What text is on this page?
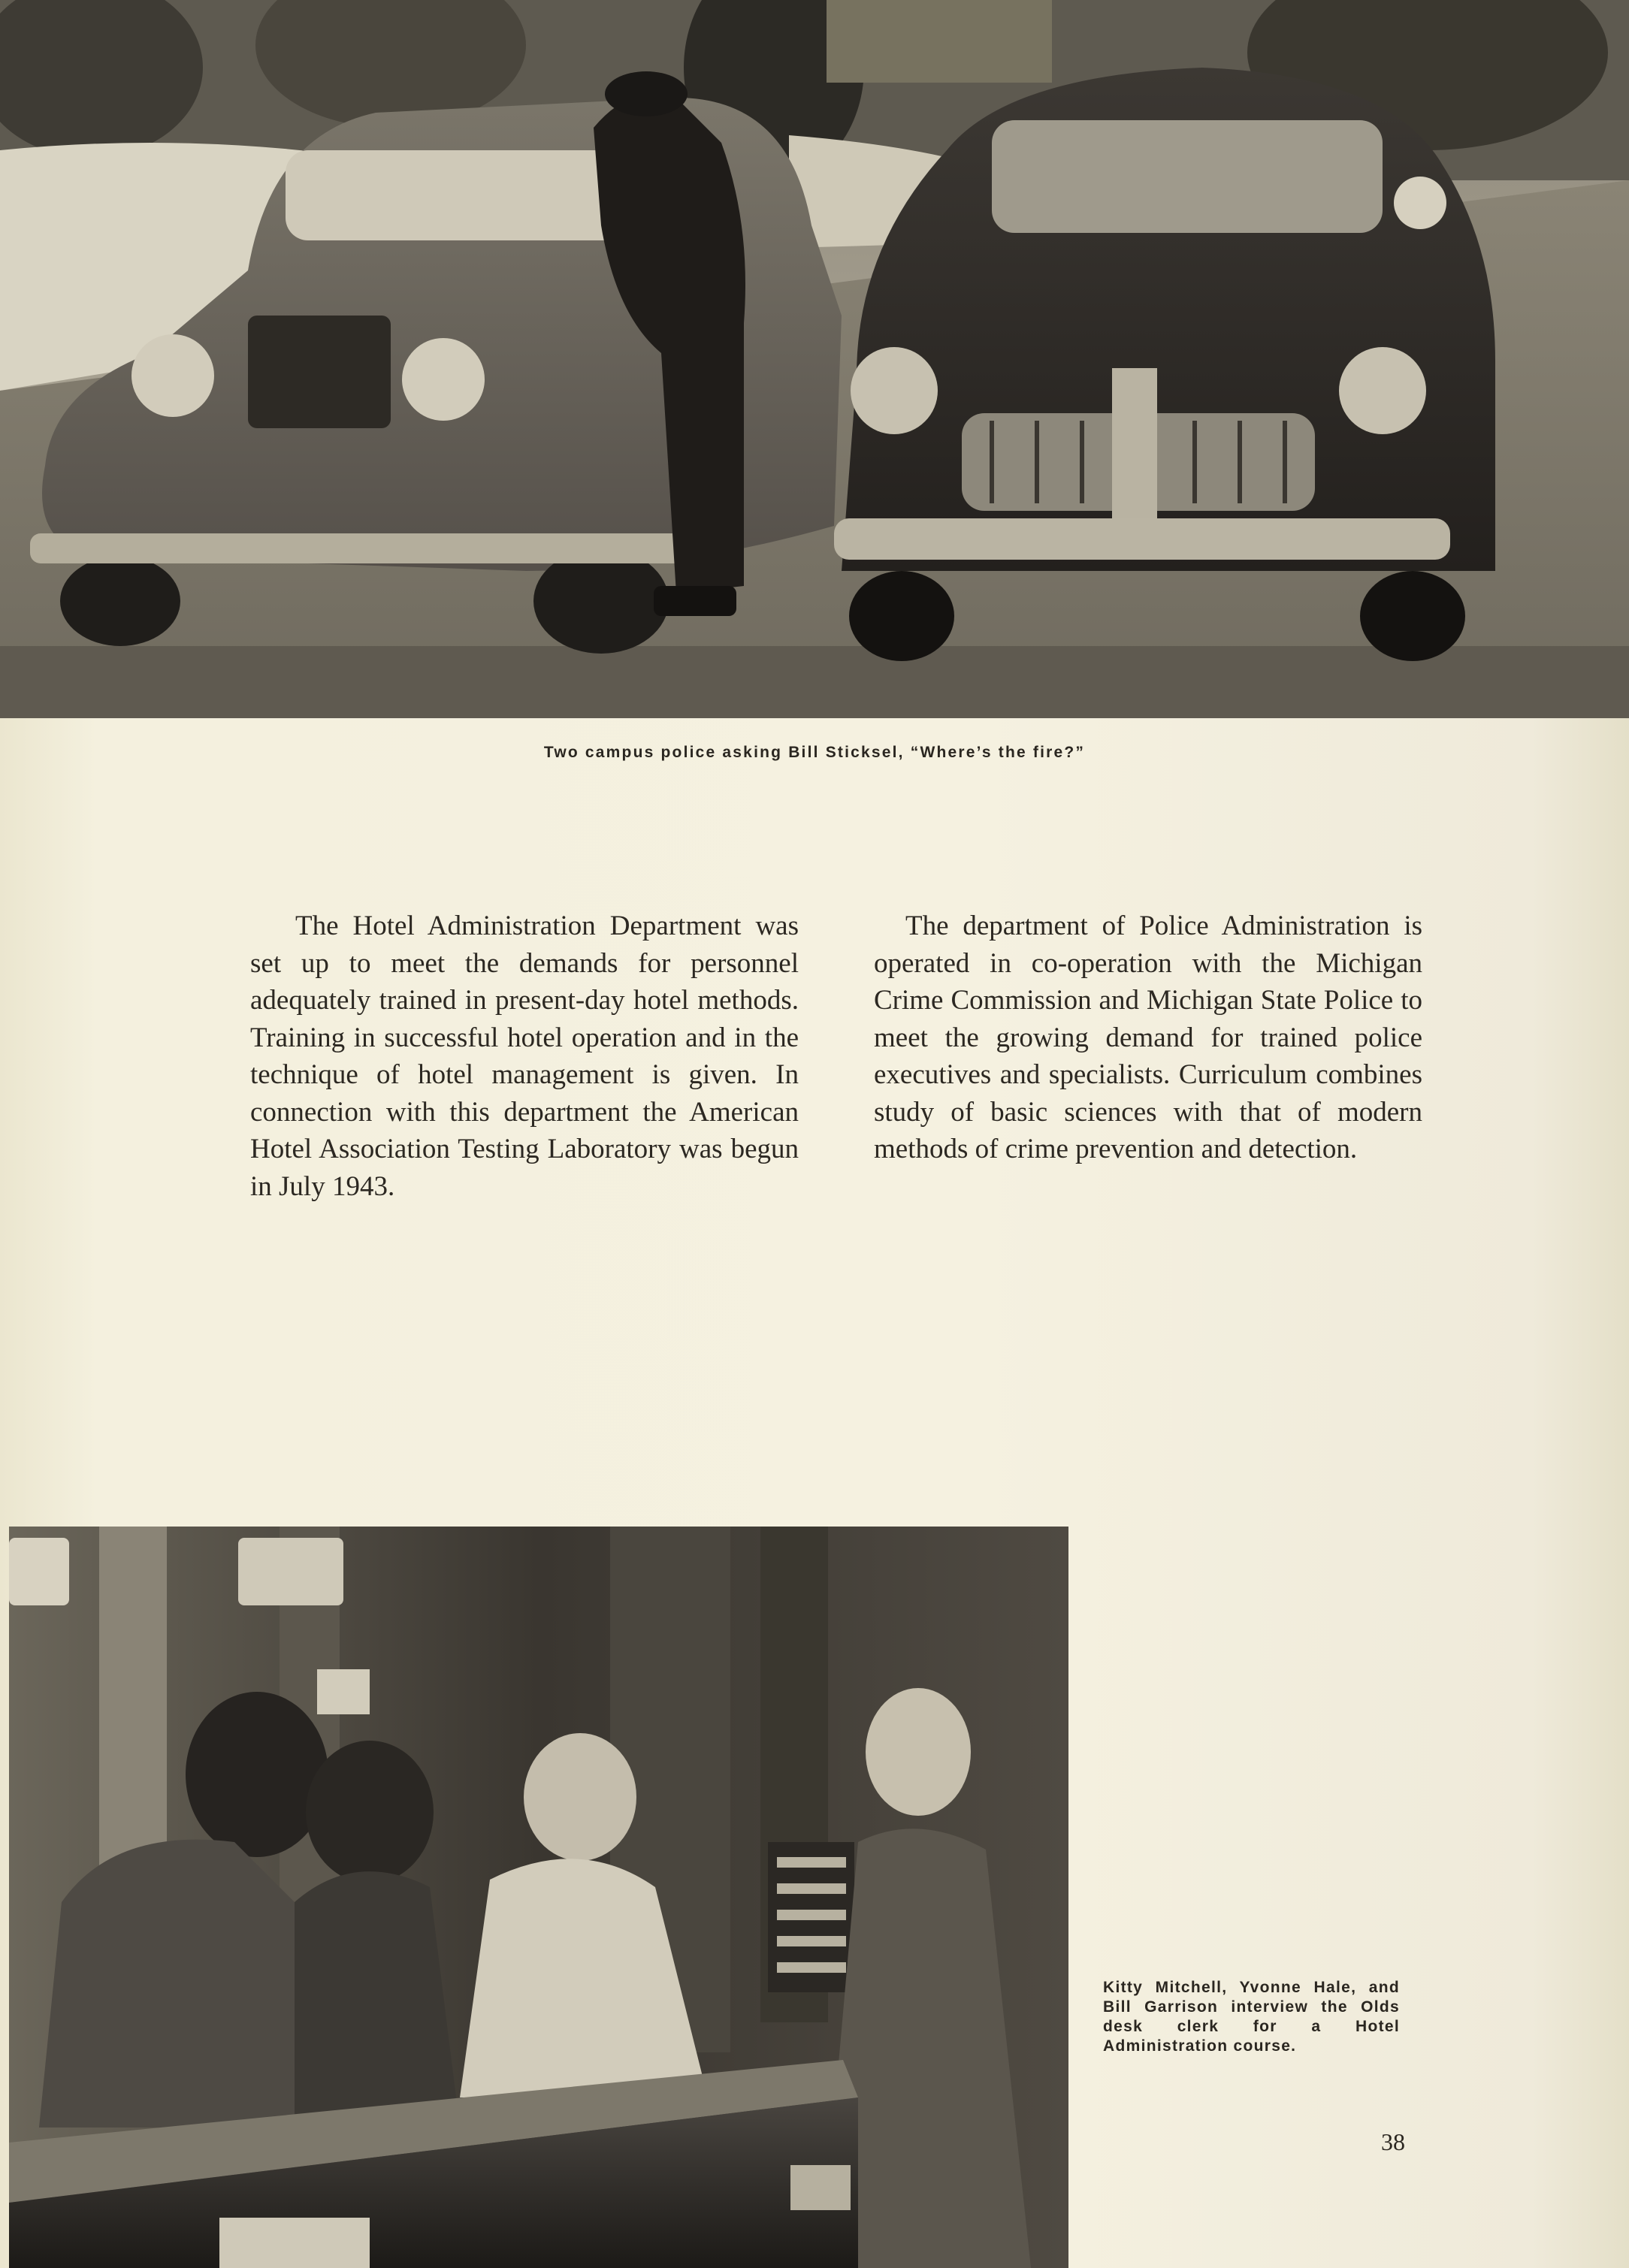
Two campus police asking Bill Sticksel, “Where’s the fire?”
The Hotel Administration Department was set up to meet the demands for personnel adequately trained in present-day hotel methods. Training in successful hotel operation and in the technique of hotel management is given. In connection with this department the American Hotel Association Testing Laboratory was begun in July 1943.
The department of Police Administration is operated in co-operation with the Michigan Crime Commission and Michigan State Police to meet the growing demand for trained police executives and specialists. Curriculum combines study of basic sciences with that of modern methods of crime prevention and detection.
Kitty Mitchell, Yvonne Hale, and Bill Garrison interview the Olds desk clerk for a Hotel Administration course.
38
